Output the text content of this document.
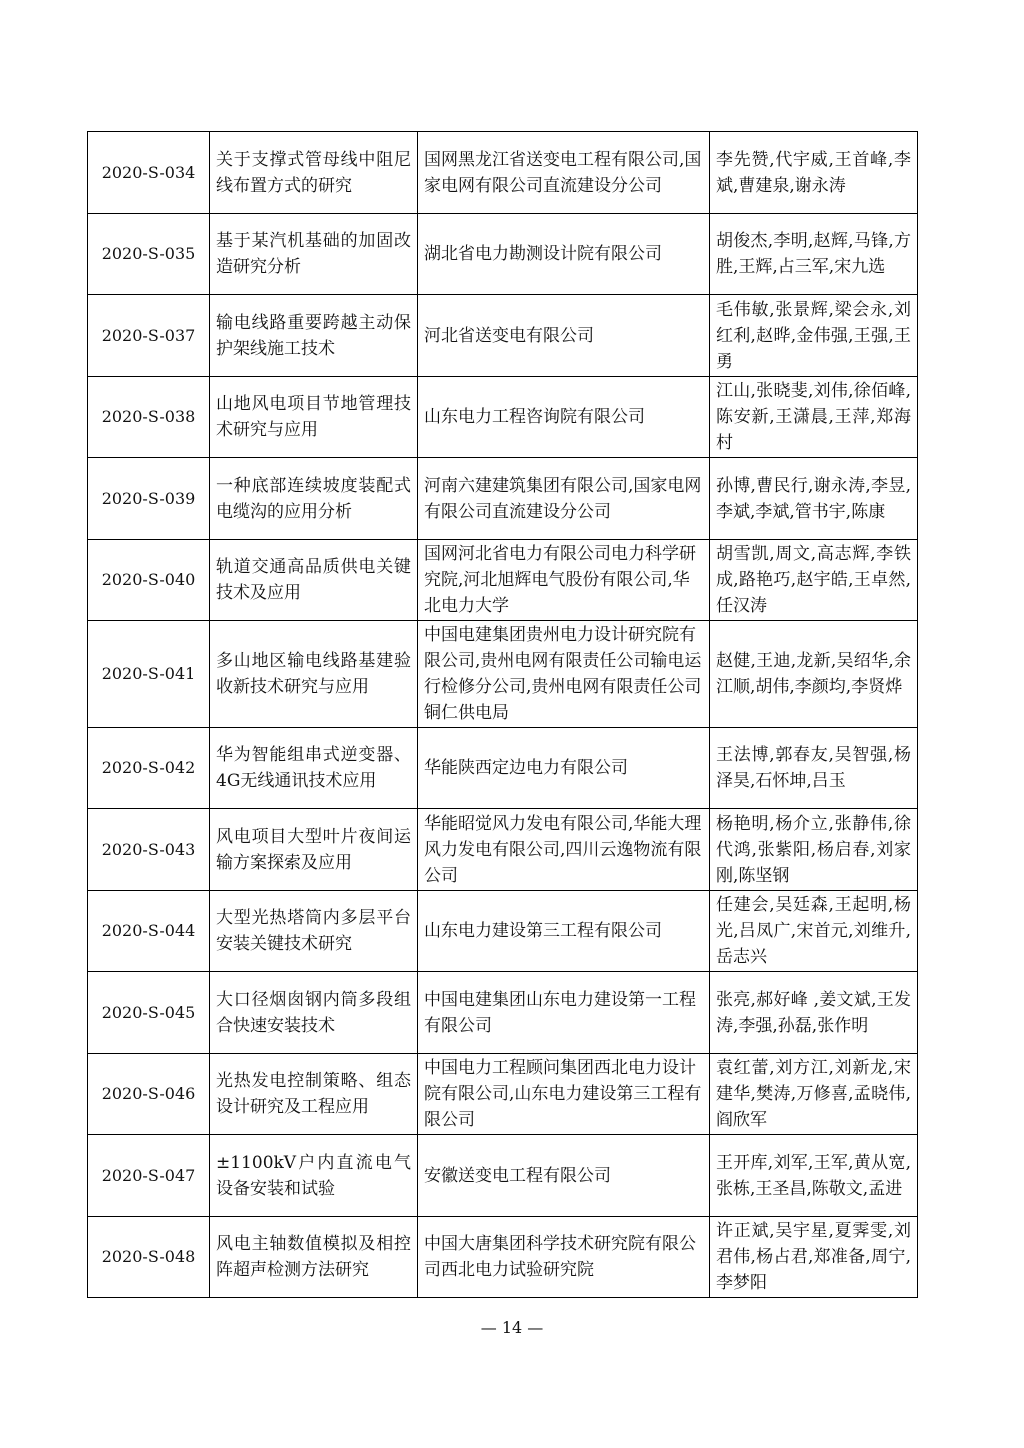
2020-S-034	关于支撑式管母线中阻尼线布置方式的研究	国网黑龙江省送变电工程有限公司,国家电网有限公司直流建设分公司	李先赞,代宇威,王首峰,李斌,曹建泉,谢永涛
2020-S-035	基于某汽机基础的加固改造研究分析	湖北省电力勘测设计院有限公司	胡俊杰,李明,赵辉,马锋,方胜,王辉,占三军,宋九选
2020-S-037	输电线路重要跨越主动保护架线施工技术	河北省送变电有限公司	毛伟敏,张景辉,梁会永,刘红利,赵晔,金伟强,王强,王勇
2020-S-038	山地风电项目节地管理技术研究与应用	山东电力工程咨询院有限公司	江山,张晓斐,刘伟,徐佰峰,陈安新,王潇晨,王萍,郑海村
2020-S-039	一种底部连续坡度装配式电缆沟的应用分析	河南六建建筑集团有限公司,国家电网有限公司直流建设分公司	孙博,曹民行,谢永涛,李昱,李斌,李斌,管书宇,陈康
2020-S-040	轨道交通高品质供电关键技术及应用	国网河北省电力有限公司电力科学研究院,河北旭辉电气股份有限公司,华北电力大学	胡雪凯,周文,高志辉,李铁成,路艳巧,赵宇皓,王卓然,任汉涛
2020-S-041	多山地区输电线路基建验收新技术研究与应用	中国电建集团贵州电力设计研究院有限公司,贵州电网有限责任公司输电运行检修分公司,贵州电网有限责任公司铜仁供电局	赵健,王迪,龙新,吴绍华,余江顺,胡伟,李颜均,李贤烨
2020-S-042	华为智能组串式逆变器、4G无线通讯技术应用	华能陕西定边电力有限公司	王法博,郭春友,吴智强,杨泽昊,石怀坤,吕玉
2020-S-043	风电项目大型叶片夜间运输方案探索及应用	华能昭觉风力发电有限公司,华能大理风力发电有限公司,四川云逸物流有限公司	杨艳明,杨介立,张静伟,徐代鸿,张紫阳,杨启春,刘家刚,陈坚钢
2020-S-044	大型光热塔筒内多层平台安装关键技术研究	山东电力建设第三工程有限公司	任建会,吴廷森,王起明,杨光,吕凤广,宋首元,刘维升,岳志兴
2020-S-045	大口径烟囱钢内筒多段组合快速安装技术	中国电建集团山东电力建设第一工程有限公司	张亮,郝好峰 ,姜文斌,王发涛,李强,孙磊,张作明
2020-S-046	光热发电控制策略、组态设计研究及工程应用	中国电力工程顾问集团西北电力设计院有限公司,山东电力建设第三工程有限公司	袁红蕾,刘方江,刘新龙,宋建华,樊涛,万修喜,孟晓伟,阎欣军
2020-S-047	±1100kV户内直流电气设备安装和试验	安徽送变电工程有限公司	王开库,刘军,王军,黄从宽,张栋,王圣昌,陈敬文,孟进
2020-S-048	风电主轴数值模拟及相控阵超声检测方法研究	中国大唐集团科学技术研究院有限公司西北电力试验研究院	许正斌,吴宇星,夏霁雯,刘君伟,杨占君,郑准备,周宁,李梦阳
— 14 —
